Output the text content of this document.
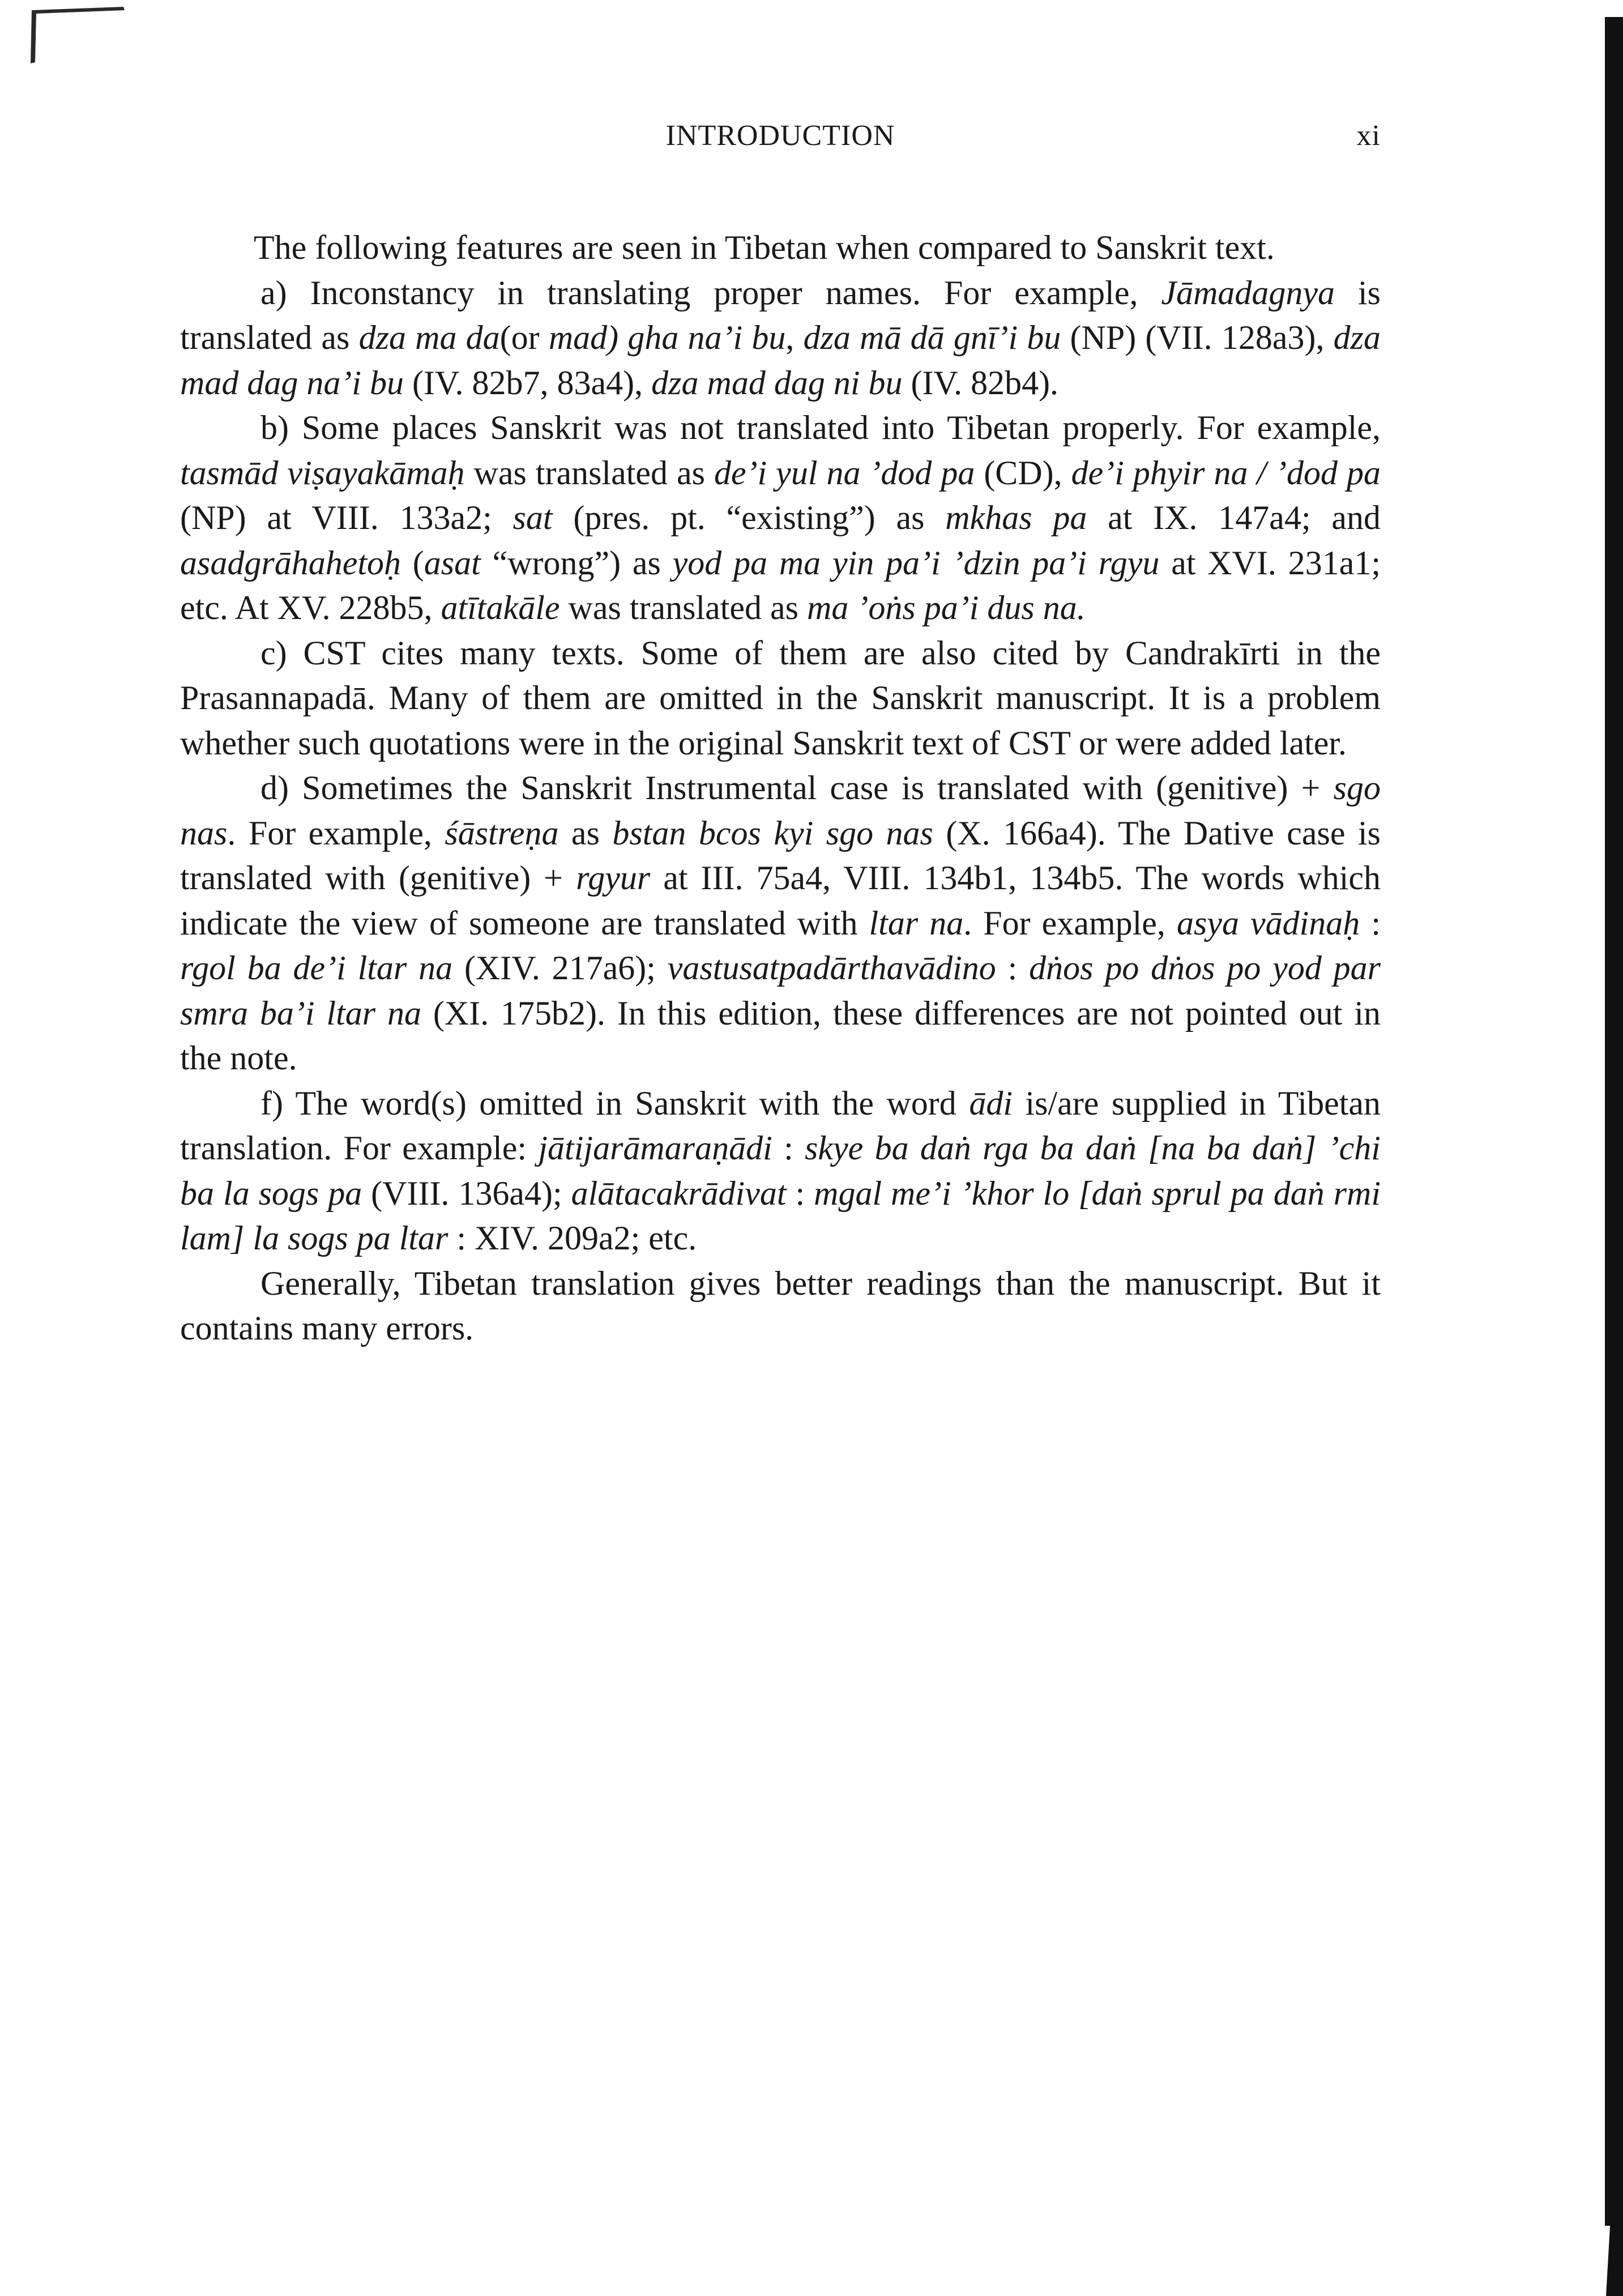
INTRODUCTION	xi

The following features are seen in Tibetan when compared to Sanskrit text.

a) Inconstancy in translating proper names. For example, Jāmadagnya is translated as dza ma da(or mad) gha na’i bu, dza mā dā gnī’i bu (NP) (VII. 128a3), dza mad dag na’i bu (IV. 82b7, 83a4), dza mad dag ni bu (IV. 82b4).

b) Some places Sanskrit was not translated into Tibetan properly. For example, tasmād viṣayakāmaḥ was translated as de’i yul na ’dod pa (CD), de’i phyir na / ’dod pa (NP) at VIII. 133a2; sat (pres. pt. “existing”) as mkhas pa at IX. 147a4; and asadgrāhahetoḥ (asat “wrong”) as yod pa ma yin pa’i ’dzin pa’i rgyu at XVI. 231a1; etc. At XV. 228b5, atītakāle was translated as ma ’oṅs pa’i dus na.

c) CST cites many texts. Some of them are also cited by Candrakīrti in the Prasannapadā. Many of them are omitted in the Sanskrit manuscript. It is a problem whether such quotations were in the original Sanskrit text of CST or were added later.

d) Sometimes the Sanskrit Instrumental case is translated with (genitive) + sgo nas. For example, śāstreṇa as bstan bcos kyi sgo nas (X. 166a4). The Dative case is translated with (genitive) + rgyur at III. 75a4, VIII. 134b1, 134b5. The words which indicate the view of someone are translated with ltar na. For example, asya vādinaḥ : rgol ba de’i ltar na (XIV. 217a6); vastusatpadārthavādino : dṅos po dṅos po yod par smra ba’i ltar na (XI. 175b2). In this edition, these differences are not pointed out in the note.

f) The word(s) omitted in Sanskrit with the word ādi is/are supplied in Tibetan translation. For example: jātijarāmaraṇādi : skye ba daṅ rga ba daṅ [na ba daṅ] ’chi ba la sogs pa (VIII. 136a4); alātacakrādivat : mgal me’i ’khor lo [daṅ sprul pa daṅ rmi lam] la sogs pa ltar : XIV. 209a2; etc.

Generally, Tibetan translation gives better readings than the manuscript. But it contains many errors.
